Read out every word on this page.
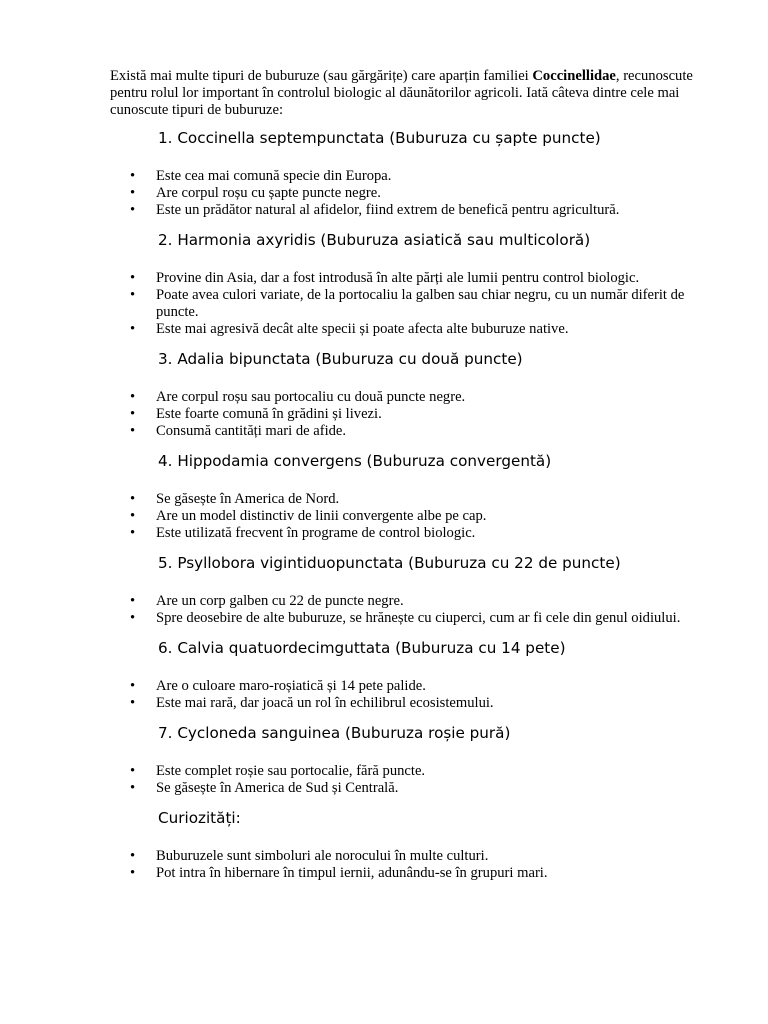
Există mai multe tipuri de buburuze (sau gărgărițe) care aparțin familiei Coccinellidae, recunoscute pentru rolul lor important în controlul biologic al dăunătorilor agricoli. Iată câteva dintre cele mai cunoscute tipuri de buburuze:

1. Coccinella septempunctata (Buburuza cu șapte puncte)
• Este cea mai comună specie din Europa.
• Are corpul roșu cu șapte puncte negre.
• Este un prădător natural al afidelor, fiind extrem de benefică pentru agricultură.
2. Harmonia axyridis (Buburuza asiatică sau multicoloră)
• Provine din Asia, dar a fost introdusă în alte părți ale lumii pentru control biologic.
• Poate avea culori variate, de la portocaliu la galben sau chiar negru, cu un număr diferit de puncte.
• Este mai agresivă decât alte specii și poate afecta alte buburuze native.
3. Adalia bipunctata (Buburuza cu două puncte)
• Are corpul roșu sau portocaliu cu două puncte negre.
• Este foarte comună în grădini și livezi.
• Consumă cantități mari de afide.
4. Hippodamia convergens (Buburuza convergentă)
• Se găsește în America de Nord.
• Are un model distinctiv de linii convergente albe pe cap.
• Este utilizată frecvent în programe de control biologic.
5. Psyllobora vigintiduopunctata (Buburuza cu 22 de puncte)
• Are un corp galben cu 22 de puncte negre.
• Spre deosebire de alte buburuze, se hrănește cu ciuperci, cum ar fi cele din genul oidiului.
6. Calvia quatuordecimguttata (Buburuza cu 14 pete)
• Are o culoare maro-roșiatică și 14 pete palide.
• Este mai rară, dar joacă un rol în echilibrul ecosistemului.
7. Cycloneda sanguinea (Buburuza roșie pură)
• Este complet roșie sau portocalie, fără puncte.
• Se găsește în America de Sud și Centrală.
Curiozități:
• Buburuzele sunt simboluri ale norocului în multe culturi.
• Pot intra în hibernare în timpul iernii, adunându-se în grupuri mari.
